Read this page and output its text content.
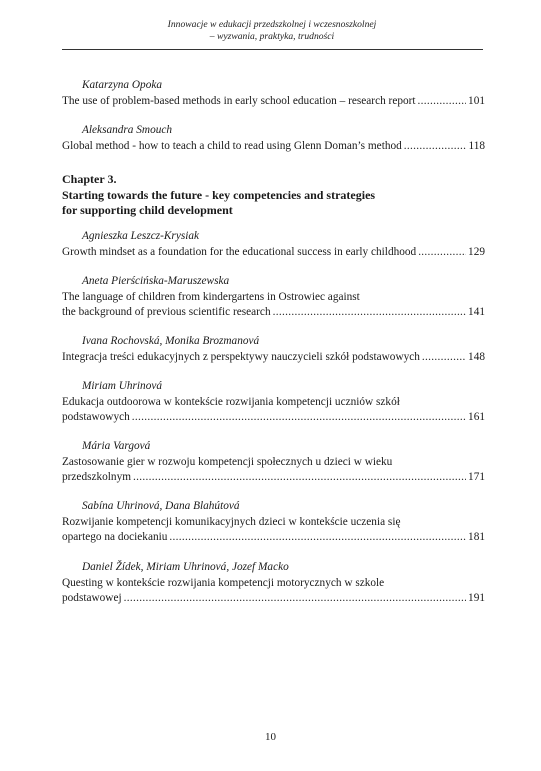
Innowacje w edukacji przedszkolnej i wczesnoszkolnej
– wyzwania, praktyka, trudności
Katarzyna Opoka
The use of problem-based methods in early school education – research report .....	101
Aleksandra Smouch
Global method - how to teach a child to read using Glenn Doman’s method .....	118
Chapter 3.
Starting towards the future - key competencies and strategies
for supporting child development
Agnieszka Leszcz-Krysiak
Growth mindset as a foundation for the educational success in early childhood .....	129
Aneta Pierścińska-Maruszewska
The language of children from kindergartens in Ostrowiec against
the background of previous scientific research .....	141
Ivana Rochovská, Monika Brozmanová
Integracja treści edukacyjnych z perspektywy nauczycieli szkół podstawowych .....	148
Miriam Uhrinová
Edukacja outdoorowa w kontekście rozwijania kompetencji uczniów szkół
podstawowych .....	161
Mária Vargová
Zastosowanie gier w rozwoju kompetencji społecznych u dzieci w wieku
przedszkolnym .....	171
Sabína Uhrinová, Dana Blahútová
Rozwijanie kompetencji komunikacyjnych dzieci w kontekście uczenia się
opartego na dociekaniu .....	181
Daniel Žídek, Miriam Uhrinová, Jozef Macko
Questing w kontekście rozwijania kompetencji motorycznych w szkole
podstawowej .....	191
10
